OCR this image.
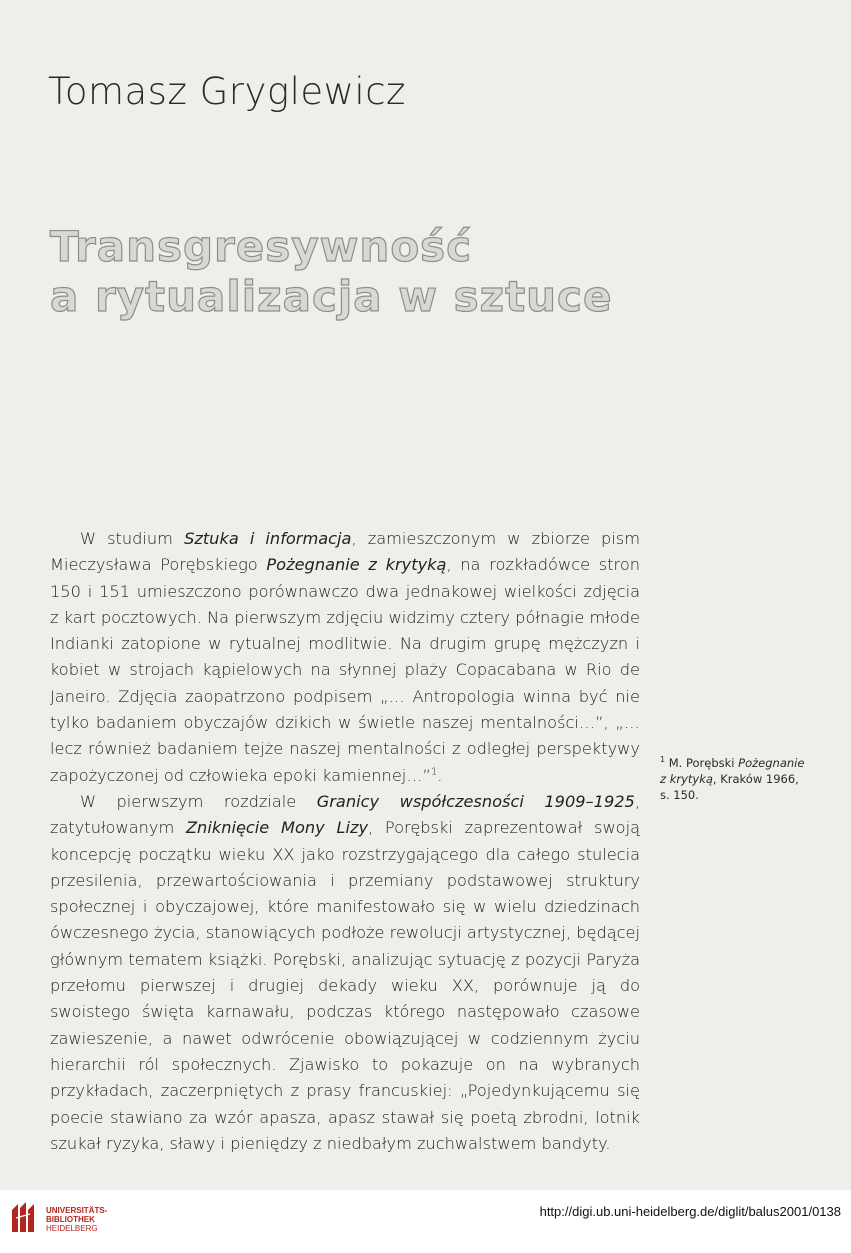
Tomasz Gryglewicz
Transgresywność
a rytualizacja w sztuce

W studium Sztuka i informacja, zamieszczonym w zbiorze pism Mieczysława Porębskiego Pożegnanie z krytyką, na rozkładówce stron 150 i 151 umieszczono porównawczo dwa jednakowej wielkości zdjęcia z kart pocztowych. Na pierwszym zdjęciu widzimy cztery półnagie młode Indianki zatopione w rytualnej modlitwie. Na drugim grupę mężczyzn i kobiet w strojach kąpielowych na słynnej plaży Copacabana w Rio de Janeiro. Zdjęcia zaopatrzono podpisem „… Antropologia winna być nie tylko badaniem obyczajów dzikich w świetle naszej mentalności…”, „… lecz również badaniem tejże naszej mentalności z odległej perspektywy zapożyczonej od człowieka epoki kamiennej…”$^1$.

W pierwszym rozdziale Granicy współczesności 1909–1925, zatytułowanym Zniknięcie Mony Lizy, Porębski zaprezentował swoją koncepcję początku wieku XX jako rozstrzygającego dla całego stulecia przesilenia, przewartościowania i przemiany podstawowej struktury społecznej i obyczajowej, które manifestowało się w wielu dziedzinach ówczesnego życia, stanowiących podłoże rewolucji artystycznej, będącej głównym tematem książki. Porębski, analizując sytuację z pozycji Paryża przełomu pierwszej i drugiej dekady wieku XX, porównuje ją do swoistego święta karnawału, podczas którego następowało czasowe zawieszenie, a nawet odwrócenie obowiązującej w codziennym życiu hierarchii ról społecznych. Zjawisko to pokazuje on na wybranych przykładach, zaczerpniętych z prasy francuskiej: „Pojedynkującemu się poecie stawiano za wzór apasza, apasz stawał się poetą zbrodni, lotnik szukał ryzyka, sławy i pieniędzy z niedbałym zuchwalstwem bandyty.

$^1$ M. Porębski Pożegnanie z krytyką, Kraków 1966, s. 150.
UNIVERSITÄTS-
BIBLIOTHEK
HEIDELBERG
http://digi.ub.uni-heidelberg.de/diglit/balus2001/0138
